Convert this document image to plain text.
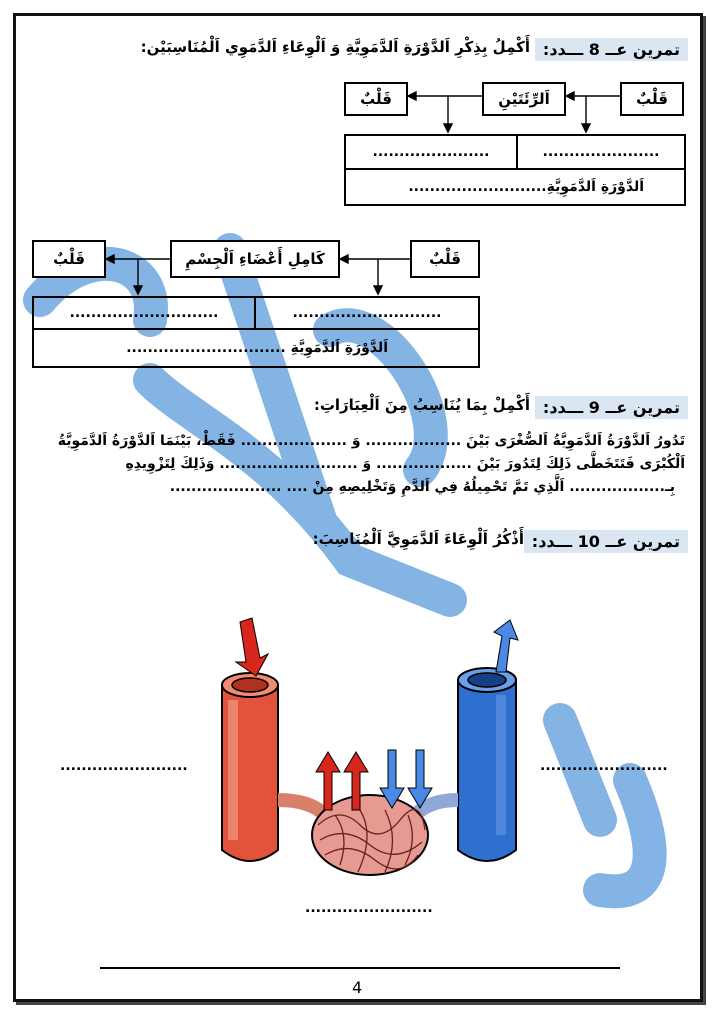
تمرين عــ 8 ـــدد:
أَكْمِلُ بِذِكْرِ اَلدَّوْرَةِ اَلدَّمَوِيَّةِ وَ اَلْوِعَاءِ اَلدَّمَوِي اَلْمُنَاسِبَيْن:
قَلْبٌ
اَلرِّئَتَيْنِ
قَلْبٌ
......................
......................
اَلدَّوْرَةِ اَلدَّمَوِيَّةِ..........................
قَلْبٌ
كَامِلِ أَعْضَاءِ اَلْجِسْمِ
قَلْبٌ
............................
............................
اَلدَّوْرَةِ اَلدَّمَوِيَّةِ ..............................
تمرين عــ 9 ـــدد:
أَكْمِلْ بِمَا يُنَاسِبُ مِنَ اَلْعِبَارَاتِ:
تَدُورُ اَلدَّوْرَةُ اَلدَّمَوِيَّةُ اَلصُّغْرَى بَيْنَ .................. وَ .................... فَقَطْ، بَيْنَمَا اَلدَّوْرَةُ اَلدَّمَوِيَّةُ
اَلْكُبْرَى فَتَتَخَطَّى ذَلِكَ لِتَدُورَ بَيْنَ .................. وَ .......................... وَذَلِكَ لِتَزْوِيدِهِ
بِـ.................. اَلَّذِي تَمَّ تَحْمِيلُهُ فِي اَلدَّمِ وَتَخْلِيصِهِ مِنْ .... .....................
تمرين عــ 10 ـــدد:
أَذْكُرُ اَلْوِعَاءَ اَلدَّمَوِيَّ اَلْمُنَاسِبَ:
........................	........................
........................
4
